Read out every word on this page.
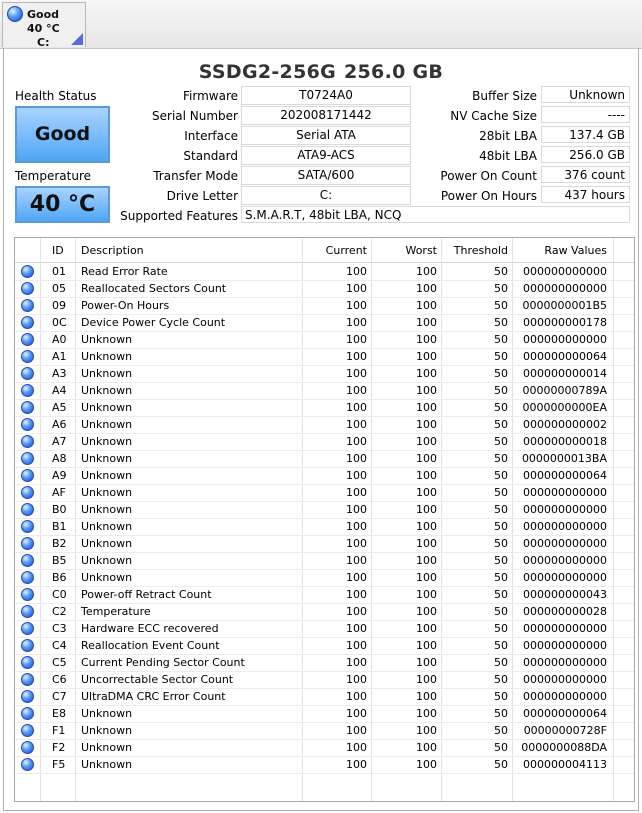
Good
40 °C
C:
SSDG2-256G 256.0 GB
Health Status
Good
Temperature
40 °C
Firmware	T0724A0
Serial Number	202008171442
Interface	Serial ATA
Standard	ATA9-ACS
Transfer Mode	SATA/600
Drive Letter	C:
Buffer Size	Unknown
NV Cache Size	----
28bit LBA	137.4 GB
48bit LBA	256.0 GB
Power On Count	376 count
Power On Hours	437 hours
Supported Features S.M.A.R.T, 48bit LBA, NCQ
ID Description	Current	Worst	Threshold	Raw Values
01 Read Error Rate	100	100	50	000000000000
05 Reallocated Sectors Count	100	100	50	000000000000
09 Power-On Hours	100	100	50	0000000001B5
0C Device Power Cycle Count	100	100	50	000000000178
A0 Unknown	100	100	50	000000000000
A1 Unknown	100	100	50	000000000064
A3 Unknown	100	100	50	000000000014
A4 Unknown	100	100	50	00000000789A
A5 Unknown	100	100	50	0000000000EA
A6 Unknown	100	100	50	000000000002
A7 Unknown	100	100	50	000000000018
A8 Unknown	100	100	50	0000000013BA
A9 Unknown	100	100	50	000000000064
AF Unknown	100	100	50	000000000000
B0 Unknown	100	100	50	000000000000
B1 Unknown	100	100	50	000000000000
B2 Unknown	100	100	50	000000000000
B5 Unknown	100	100	50	000000000000
B6 Unknown	100	100	50	000000000000
C0 Power-off Retract Count	100	100	50	000000000043
C2 Temperature	100	100	50	000000000028
C3 Hardware ECC recovered	100	100	50	000000000000
C4 Reallocation Event Count	100	100	50	000000000000
C5 Current Pending Sector Count	100	100	50	000000000000
C6 Uncorrectable Sector Count	100	100	50	000000000000
C7 UltraDMA CRC Error Count	100	100	50	000000000000
E8 Unknown	100	100	50	000000000064
F1 Unknown	100	100	50	00000000728F
F2 Unknown	100	100	50	0000000088DA
F5 Unknown	100	100	50	000000004113
